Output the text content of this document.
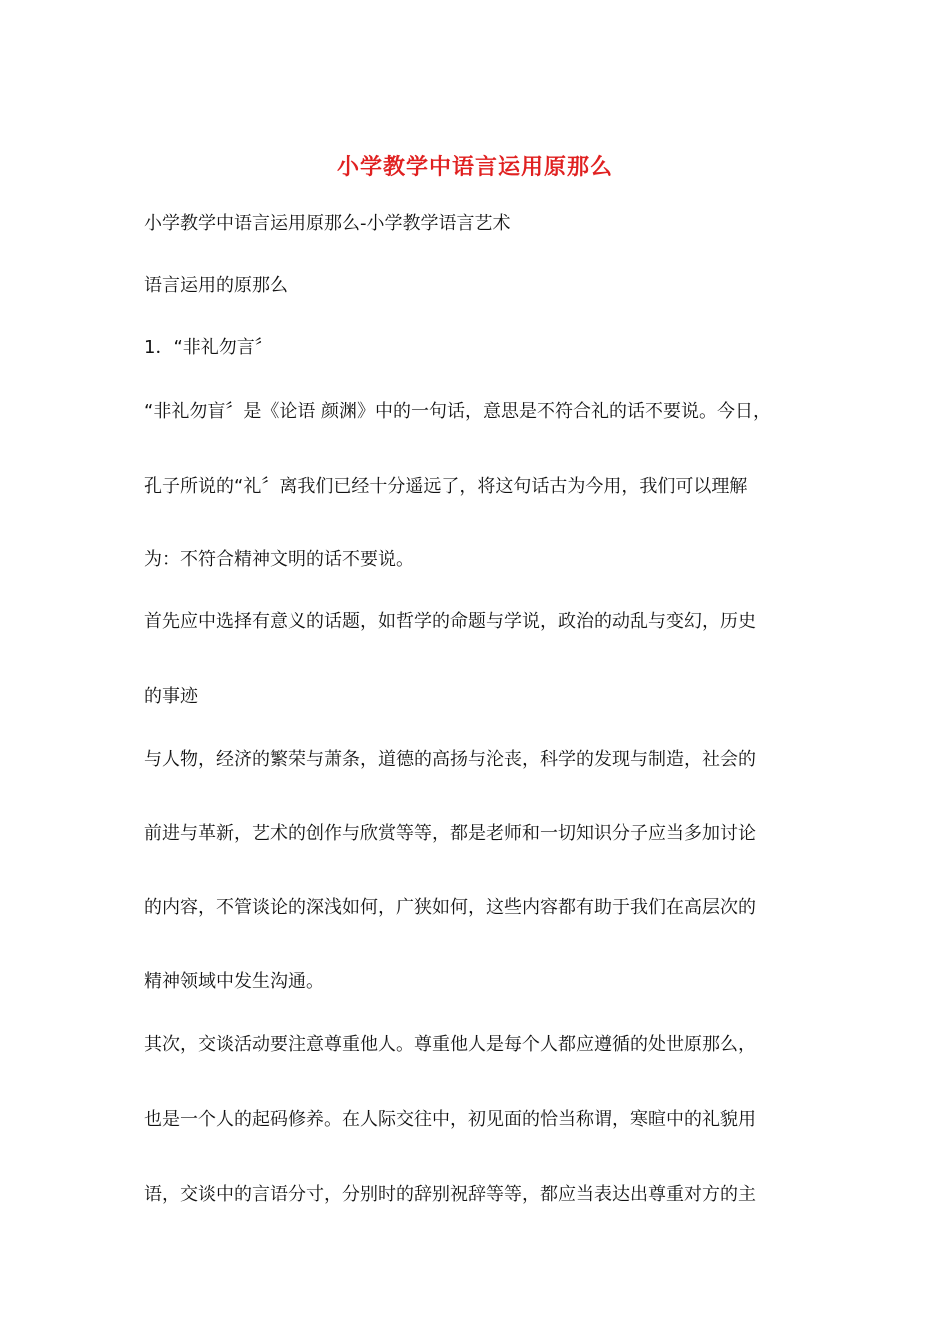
小学教学中语言运用原那么
小学教学中语言运用原那么-小学教学语言艺术
语言运用的原那么
1．“非礼勿言〞
“非礼勿盲〞是《论语 颜渊》中的一句话，意思是不符合礼的话不要说。今日，
孔子所说的“礼〞离我们已经十分遥远了，将这句话古为今用，我们可以理解
为：不符合精神文明的话不要说。
首先应中选择有意义的话题，如哲学的命题与学说，政治的动乱与变幻，历史
的事迹
与人物，经济的繁荣与萧条，道德的高扬与沦丧，科学的发现与制造，社会的
前进与革新，艺术的创作与欣赏等等，都是老师和一切知识分子应当多加讨论
的内容，不管谈论的深浅如何，广狭如何，这些内容都有助于我们在高层次的
精神领域中发生沟通。
其次，交谈活动要注意尊重他人。尊重他人是每个人都应遵循的处世原那么，
也是一个人的起码修养。在人际交往中，初见面的恰当称谓，寒暄中的礼貌用
语，交谈中的言语分寸，分别时的辞别祝辞等等，都应当表达出尊重对方的主
